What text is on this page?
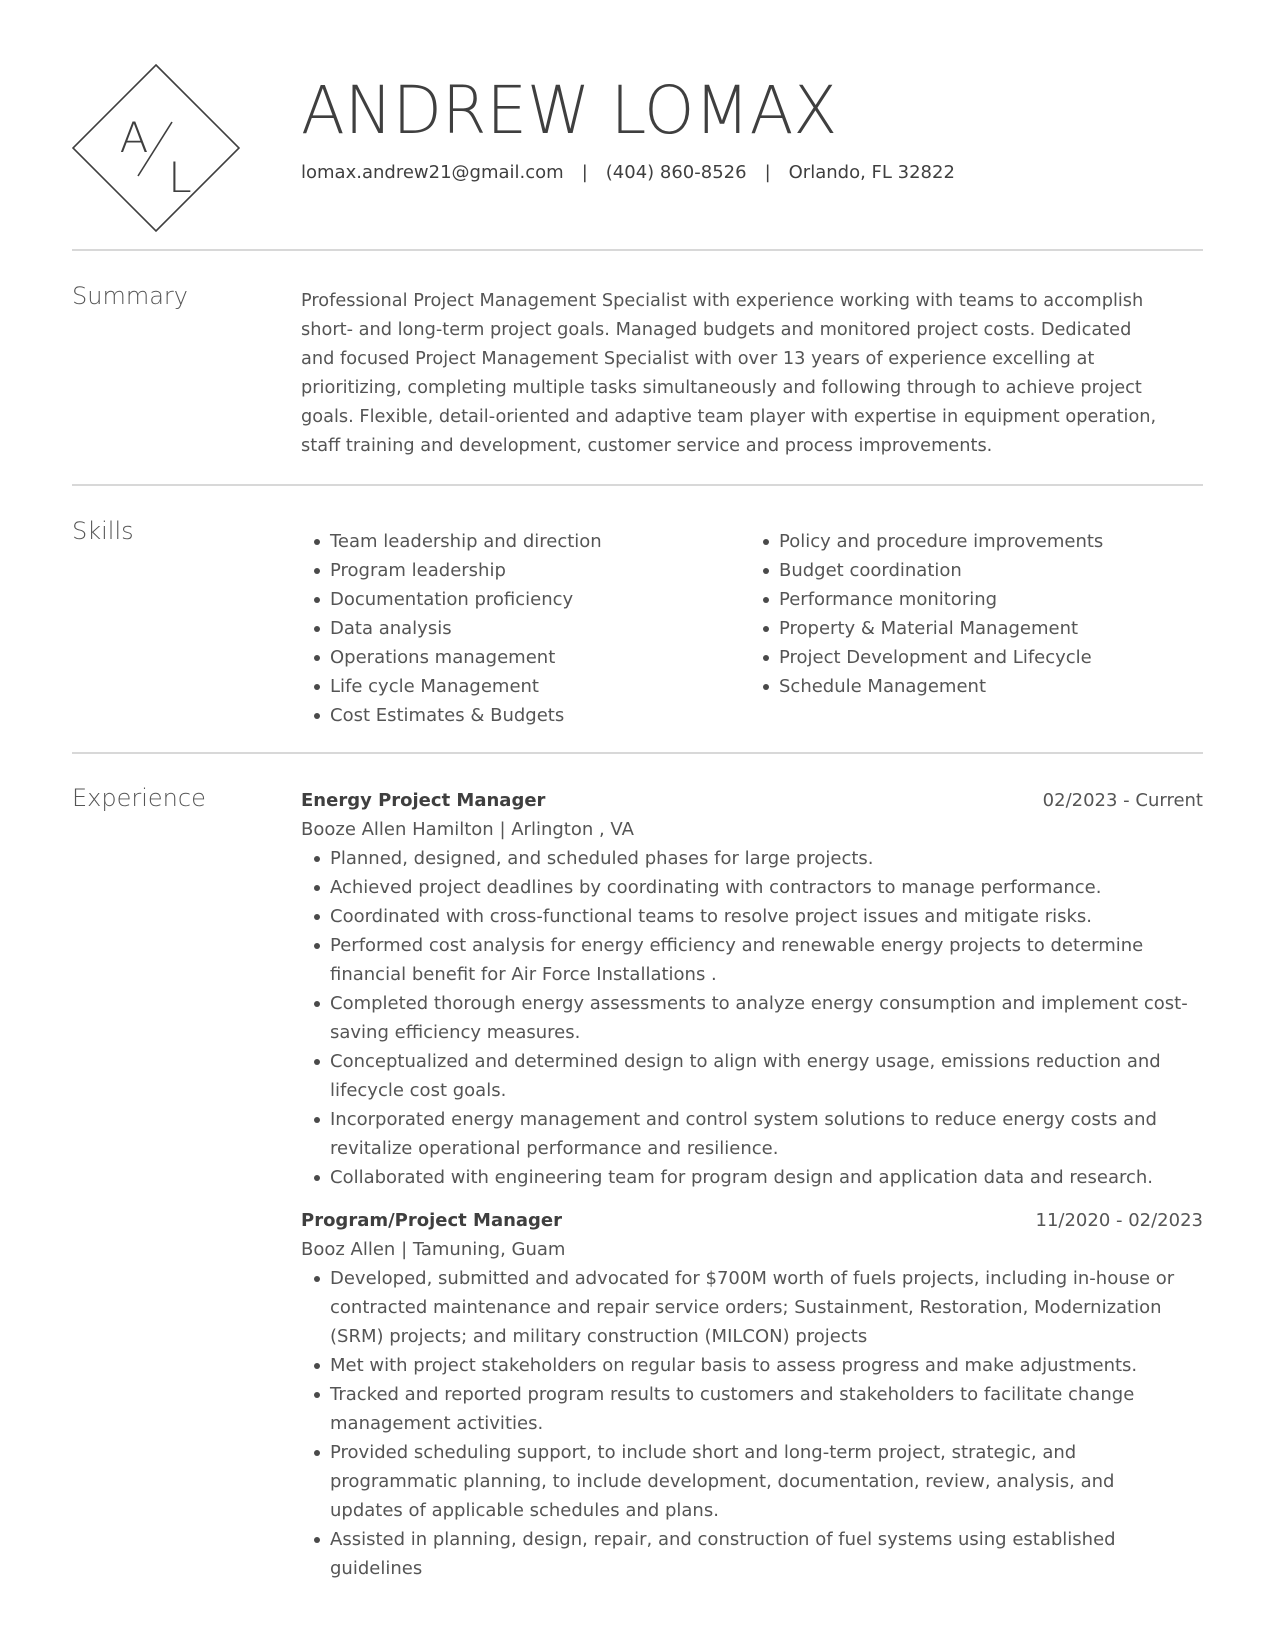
A
L
ANDREW LOMAX
lomax.andrew21@gmail.com | (404) 860-8526 | Orlando, FL 32822
Summary	Professional Project Management Specialist with experience working with teams to accomplish short- and long-term project goals. Managed budgets and monitored project costs. Dedicated and focused Project Management Specialist with over 13 years of experience excelling at prioritizing, completing multiple tasks simultaneously and following through to achieve project goals. Flexible, detail-oriented and adaptive team player with expertise in equipment operation, staff training and development, customer service and process improvements.
Skills	Team leadership and direction
Program leadership
Documentation proficiency
Data analysis
Operations management
Life cycle Management
Cost Estimates & Budgets
Policy and procedure improvements
Budget coordination
Performance monitoring
Property & Material Management
Project Development and Lifecycle
Schedule Management
Experience	Energy Project Manager	02/2023 - Current
Booze Allen Hamilton | Arlington , VA
Planned, designed, and scheduled phases for large projects.
Achieved project deadlines by coordinating with contractors to manage performance.
Coordinated with cross-functional teams to resolve project issues and mitigate risks.
Performed cost analysis for energy efficiency and renewable energy projects to determine financial benefit for Air Force Installations .
Completed thorough energy assessments to analyze energy consumption and implement cost-saving efficiency measures.
Conceptualized and determined design to align with energy usage, emissions reduction and lifecycle cost goals.
Incorporated energy management and control system solutions to reduce energy costs and revitalize operational performance and resilience.
Collaborated with engineering team for program design and application data and research.
Program/Project Manager	11/2020 - 02/2023
Booz Allen | Tamuning, Guam
Developed, submitted and advocated for $700M worth of fuels projects, including in-house or contracted maintenance and repair service orders; Sustainment, Restoration, Modernization (SRM) projects; and military construction (MILCON) projects
Met with project stakeholders on regular basis to assess progress and make adjustments.
Tracked and reported program results to customers and stakeholders to facilitate change management activities.
Provided scheduling support, to include short and long-term project, strategic, and programmatic planning, to include development, documentation, review, analysis, and updates of applicable schedules and plans.
Assisted in planning, design, repair, and construction of fuel systems using established guidelines
